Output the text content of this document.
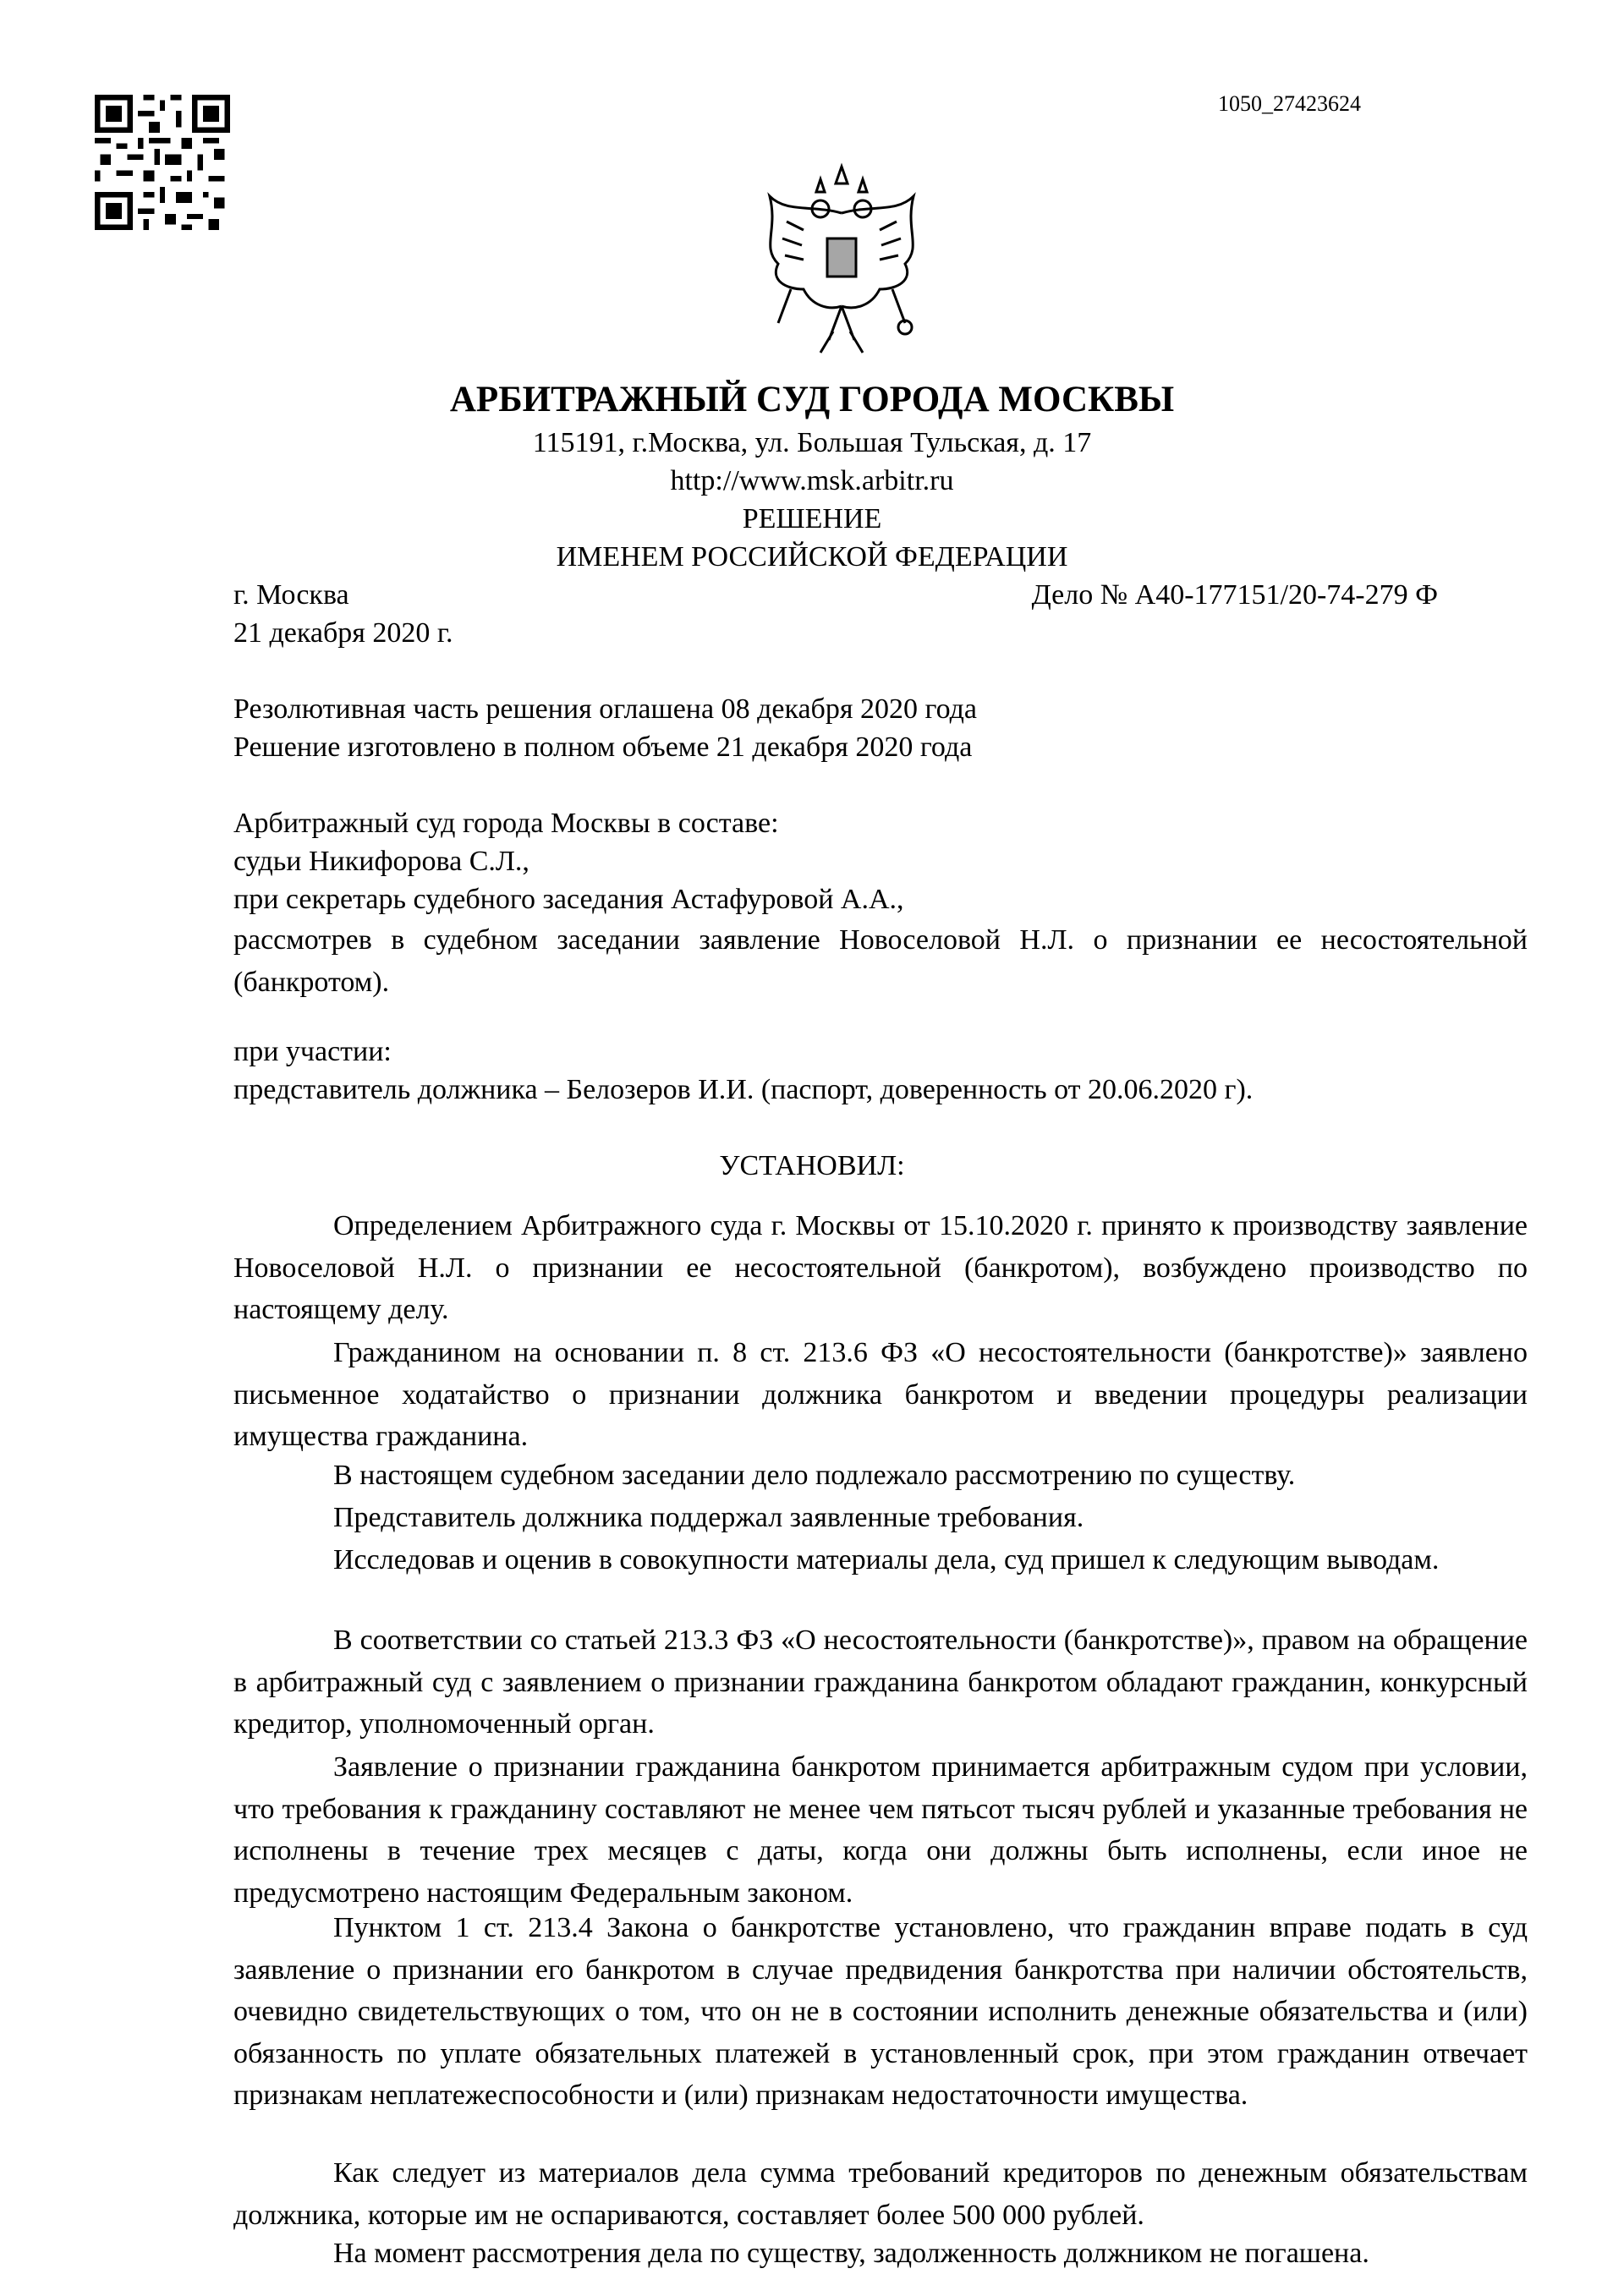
1050_27423624
АРБИТРАЖНЫЙ СУД ГОРОДА МОСКВЫ
115191, г.Москва, ул. Большая Тульская, д. 17
http://www.msk.arbitr.ru
РЕШЕНИЕ
ИМЕНЕМ РОССИЙСКОЙ ФЕДЕРАЦИИ
г. Москва	Дело № А40-177151/20-74-279 Ф
21 декабря 2020 г.
Резолютивная часть решения оглашена 08 декабря 2020 года
Решение изготовлено в полном объеме 21 декабря 2020 года
Арбитражный суд города Москвы в составе:
судьи Никифорова С.Л.,
при секретарь судебного заседания Астафуровой А.А.,
рассмотрев в судебном заседании заявление Новоселовой Н.Л. о признании ее несостоятельной (банкротом).
при участии:
представитель должника – Белозеров И.И. (паспорт, доверенность от 20.06.2020 г).
УСТАНОВИЛ:
Определением Арбитражного суда г. Москвы от 15.10.2020 г. принято к производству заявление Новоселовой Н.Л. о признании ее несостоятельной (банкротом), возбуждено производство по настоящему делу.
Гражданином на основании п. 8 ст. 213.6 ФЗ «О несостоятельности (банкротстве)» заявлено письменное ходатайство о признании должника банкротом и введении процедуры реализации имущества гражданина.
В настоящем судебном заседании дело подлежало рассмотрению по существу.
Представитель должника поддержал заявленные требования.
Исследовав и оценив в совокупности материалы дела, суд пришел к следующим выводам.
В соответствии со статьей 213.3 ФЗ «О несостоятельности (банкротстве)», правом на обращение в арбитражный суд с заявлением о признании гражданина банкротом обладают гражданин, конкурсный кредитор, уполномоченный орган.
Заявление о признании гражданина банкротом принимается арбитражным судом при условии, что требования к гражданину составляют не менее чем пятьсот тысяч рублей и указанные требования не исполнены в течение трех месяцев с даты, когда они должны быть исполнены, если иное не предусмотрено настоящим Федеральным законом.
Пунктом 1 ст. 213.4 Закона о банкротстве установлено, что гражданин вправе подать в суд заявление о признании его банкротом в случае предвидения банкротства при наличии обстоятельств, очевидно свидетельствующих о том, что он не в состоянии исполнить денежные обязательства и (или) обязанность по уплате обязательных платежей в установленный срок, при этом гражданин отвечает признакам неплатежеспособности и (или) признакам недостаточности имущества.
Как следует из материалов дела сумма требований кредиторов по денежным обязательствам должника, которые им не оспариваются, составляет более 500 000 рублей.
На момент рассмотрения дела по существу, задолженность должником не погашена.
